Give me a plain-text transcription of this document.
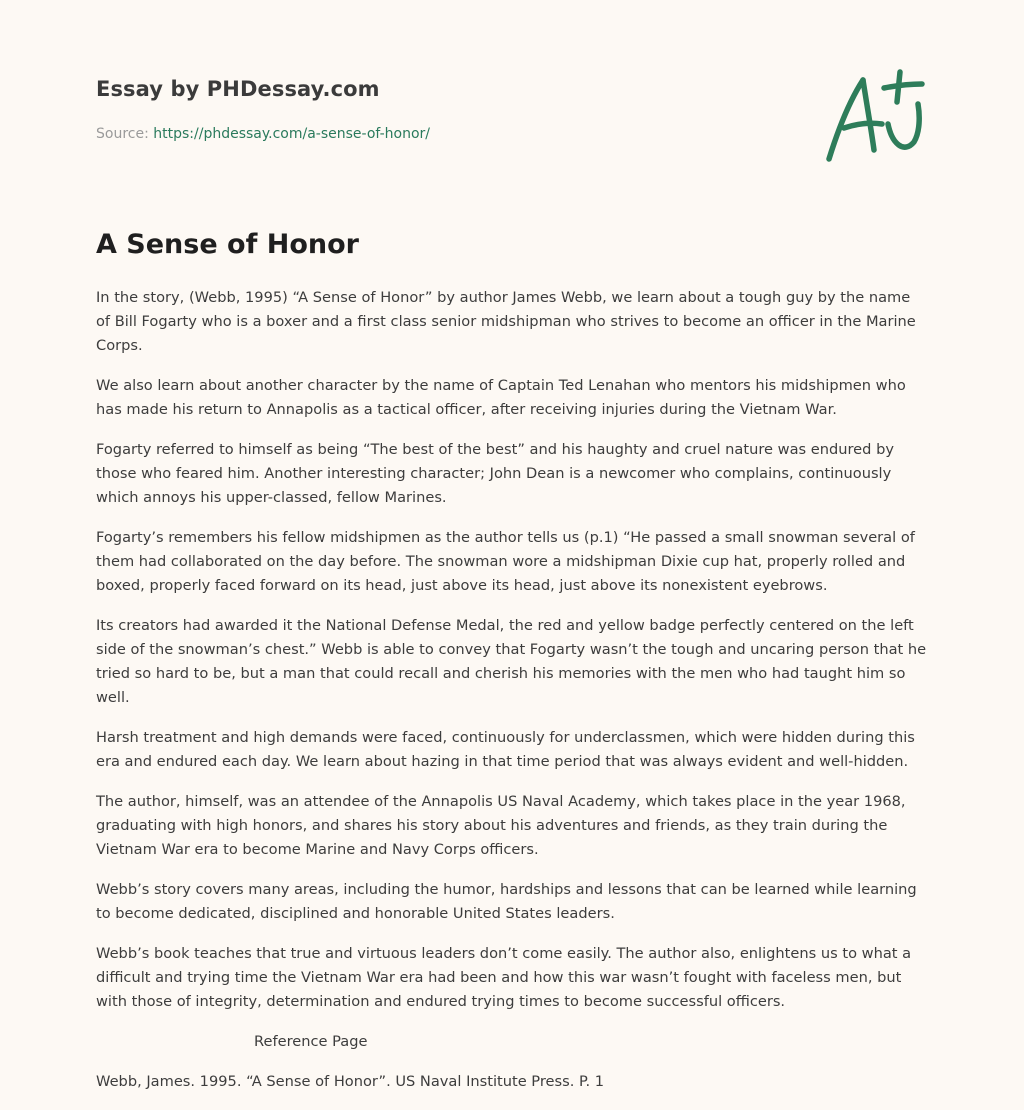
Essay by PHDessay.com
Source: https://phdessay.com/a-sense-of-honor/
A Sense of Honor

In the story, (Webb, 1995) “A Sense of Honor” by author James Webb, we learn about a tough guy by the name of Bill Fogarty who is a boxer and a first class senior midshipman who strives to become an officer in the Marine Corps.

We also learn about another character by the name of Captain Ted Lenahan who mentors his midshipmen who has made his return to Annapolis as a tactical officer, after receiving injuries during the Vietnam War.

Fogarty referred to himself as being “The best of the best” and his haughty and cruel nature was endured by those who feared him. Another interesting character; John Dean is a newcomer who complains, continuously which annoys his upper-classed, fellow Marines.

Fogarty’s remembers his fellow midshipmen as the author tells us (p.1) “He passed a small snowman several of them had collaborated on the day before. The snowman wore a midshipman Dixie cup hat, properly rolled and boxed, properly faced forward on its head, just above its head, just above its nonexistent eyebrows.

Its creators had awarded it the National Defense Medal, the red and yellow badge perfectly centered on the left side of the snowman’s chest.” Webb is able to convey that Fogarty wasn’t the tough and uncaring person that he tried so hard to be, but a man that could recall and cherish his memories with the men who had taught him so well.

Harsh treatment and high demands were faced, continuously for underclassmen, which were hidden during this era and endured each day. We learn about hazing in that time period that was always evident and well-hidden.

The author, himself, was an attendee of the Annapolis US Naval Academy, which takes place in the year 1968, graduating with high honors, and shares his story about his adventures and friends, as they train during the Vietnam War era to become Marine and Navy Corps officers.

Webb’s story covers many areas, including the humor, hardships and lessons that can be learned while learning to become dedicated, disciplined and honorable United States leaders.

Webb’s book teaches that true and virtuous leaders don’t come easily. The author also, enlightens us to what a difficult and trying time the Vietnam War era had been and how this war wasn’t fought with faceless men, but with those of integrity, determination and endured trying times to become successful officers.

Reference Page

Webb, James. 1995. “A Sense of Honor”. US Naval Institute Press. P. 1
